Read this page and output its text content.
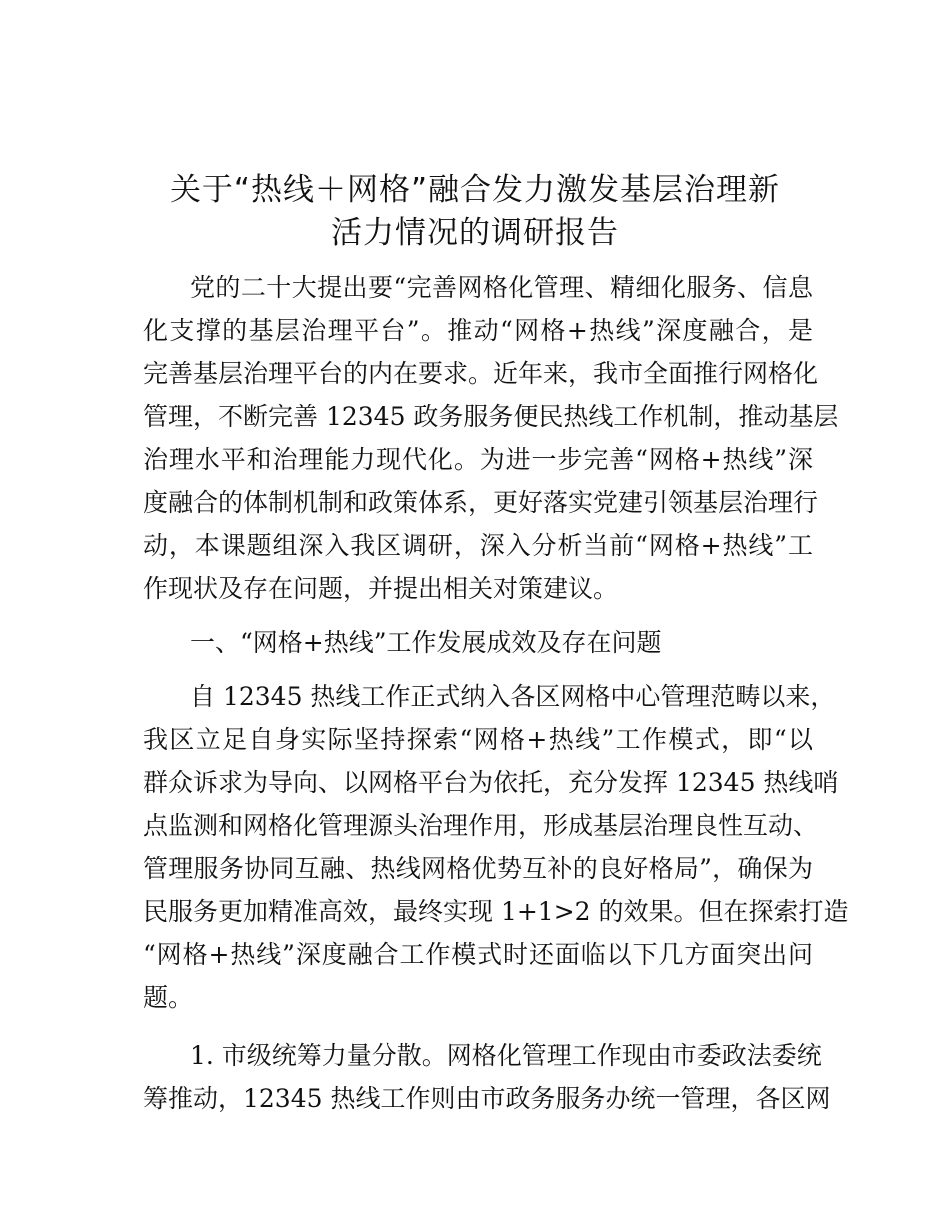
关于“热线＋网格”融合发力激发基层治理新
活力情况的调研报告
党的二十大提出要“完善网格化管理、精细化服务、信息
化支撑的基层治理平台”。推动“网格+热线”深度融合，是
完善基层治理平台的内在要求。近年来，我市全面推行网格化
管理，不断完善 12345 政务服务便民热线工作机制，推动基层
治理水平和治理能力现代化。为进一步完善“网格+热线”深
度融合的体制机制和政策体系，更好落实党建引领基层治理行
动，本课题组深入我区调研，深入分析当前“网格+热线”工
作现状及存在问题，并提出相关对策建议。
一、“网格+热线”工作发展成效及存在问题
自 12345 热线工作正式纳入各区网格中心管理范畴以来，
我区立足自身实际坚持探索“网格+热线”工作模式，即“以
群众诉求为导向、以网格平台为依托，充分发挥 12345 热线哨
点监测和网格化管理源头治理作用，形成基层治理良性互动、
管理服务协同互融、热线网格优势互补的良好格局”，确保为
民服务更加精准高效，最终实现 1+1>2 的效果。但在探索打造
“网格+热线”深度融合工作模式时还面临以下几方面突出问
题。
1. 市级统筹力量分散。网格化管理工作现由市委政法委统
筹推动，12345 热线工作则由市政务服务办统一管理，各区网
